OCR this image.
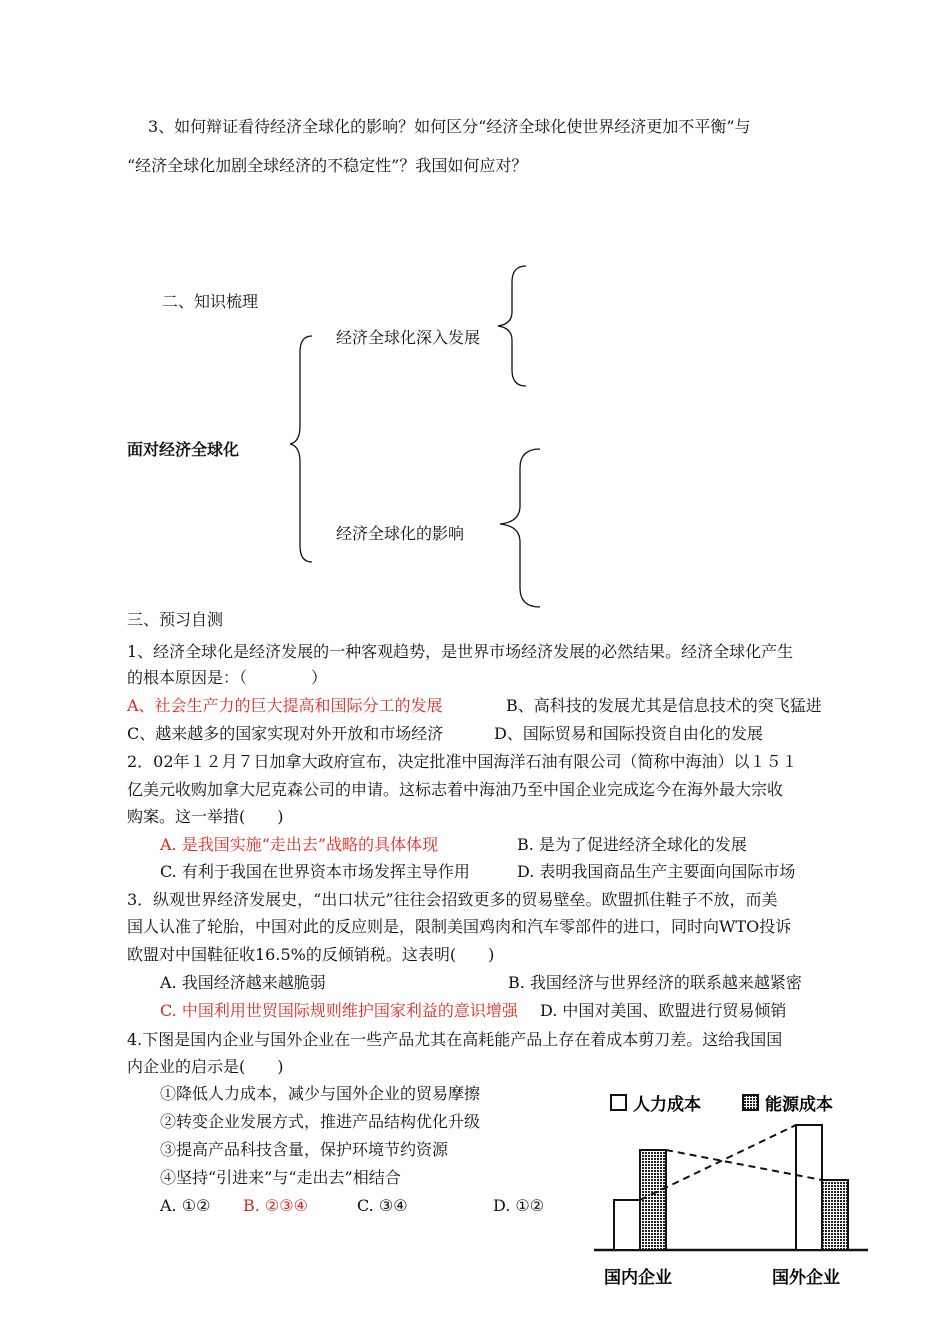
3、如何辩证看待经济全球化的影响？如何区分“经济全球化使世界经济更加不平衡”与
“经济全球化加剧全球经济的不稳定性”？我国如何应对？
二、知识梳理
经济全球化深入发展
面对经济全球化
经济全球化的影响
三、预习自测
1、经济全球化是经济发展的一种客观趋势，是世界市场经济发展的必然结果。经济全球化产生
的根本原因是：（　　　　）
A、社会生产力的巨大提高和国际分工的发展	B、高科技的发展尤其是信息技术的突飞猛进
C、越来越多的国家实现对外开放和市场经济	D、国际贸易和国际投资自由化的发展
2．02年１２月７日加拿大政府宣布，决定批准中国海洋石油有限公司（简称中海油）以１５１
亿美元收购加拿大尼克森公司的申请。这标志着中海油乃至中国企业完成迄今在海外最大宗收
购案。这一举措(　　)
A. 是我国实施“走出去”战略的具体体现	B. 是为了促进经济全球化的发展
C. 有利于我国在世界资本市场发挥主导作用	D. 表明我国商品生产主要面向国际市场
3．纵观世界经济发展史，“出口状元”往往会招致更多的贸易壁垒。欧盟抓住鞋子不放，而美
国人认准了轮胎，中国对此的反应则是，限制美国鸡肉和汽车零部件的进口，同时向WTO投诉
欧盟对中国鞋征收16.5%的反倾销税。这表明(　　)
A. 我国经济越来越脆弱	B. 我国经济与世界经济的联系越来越紧密
C. 中国利用世贸国际规则维护国家利益的意识增强 D. 中国对美国、欧盟进行贸易倾销
4.下图是国内企业与国外企业在一些产品尤其在高耗能产品上存在着成本剪刀差。这给我国国
内企业的启示是(　　)
①降低人力成本，减少与国外企业的贸易摩擦
②转变企业发展方式，推进产品结构优化升级
③提高产品科技含量，保护环境节约资源
④坚持“引进来”与“走出去”相结合
A. ①② B. ②③④	C. ③④	D. ①②
人力成本	能源成本
国内企业	国外企业
